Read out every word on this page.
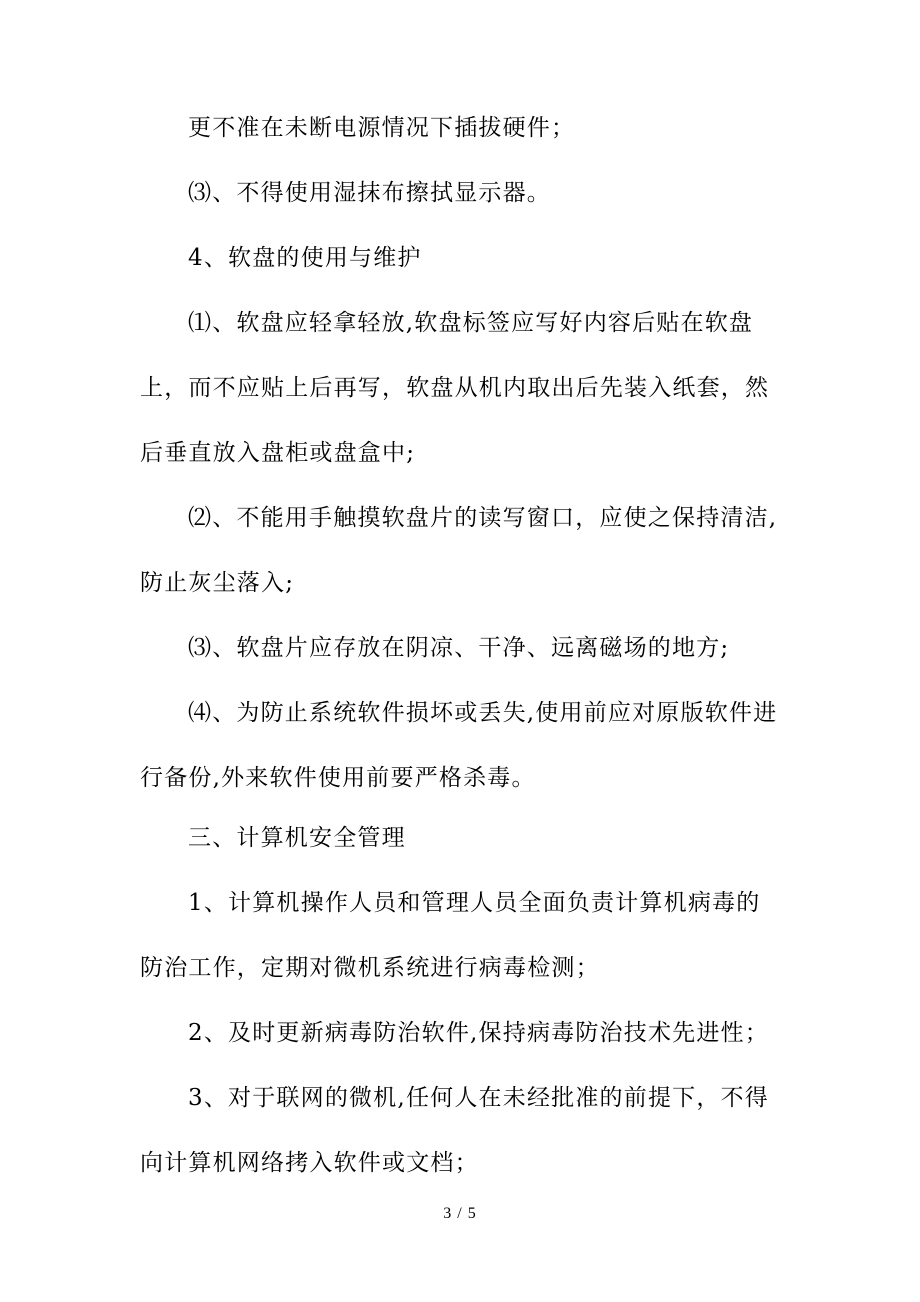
更不准在未断电源情况下插拔硬件；

⑶、不得使用湿抹布擦拭显示器。

4、软盘的使用与维护

⑴、软盘应轻拿轻放,软盘标签应写好内容后贴在软盘上，而不应贴上后再写，软盘从机内取出后先装入纸套，然后垂直放入盘柜或盘盒中;

⑵、不能用手触摸软盘片的读写窗口，应使之保持清洁,防止灰尘落入;

⑶、软盘片应存放在阴凉、干净、远离磁场的地方;

⑷、为防止系统软件损坏或丢失,使用前应对原版软件进行备份,外来软件使用前要严格杀毒。

三、计算机安全管理

1、计算机操作人员和管理人员全面负责计算机病毒的防治工作，定期对微机系统进行病毒检测；

2、及时更新病毒防治软件,保持病毒防治技术先进性；

3、对于联网的微机,任何人在未经批准的前提下，不得向计算机网络拷入软件或文档；

3 / 5
